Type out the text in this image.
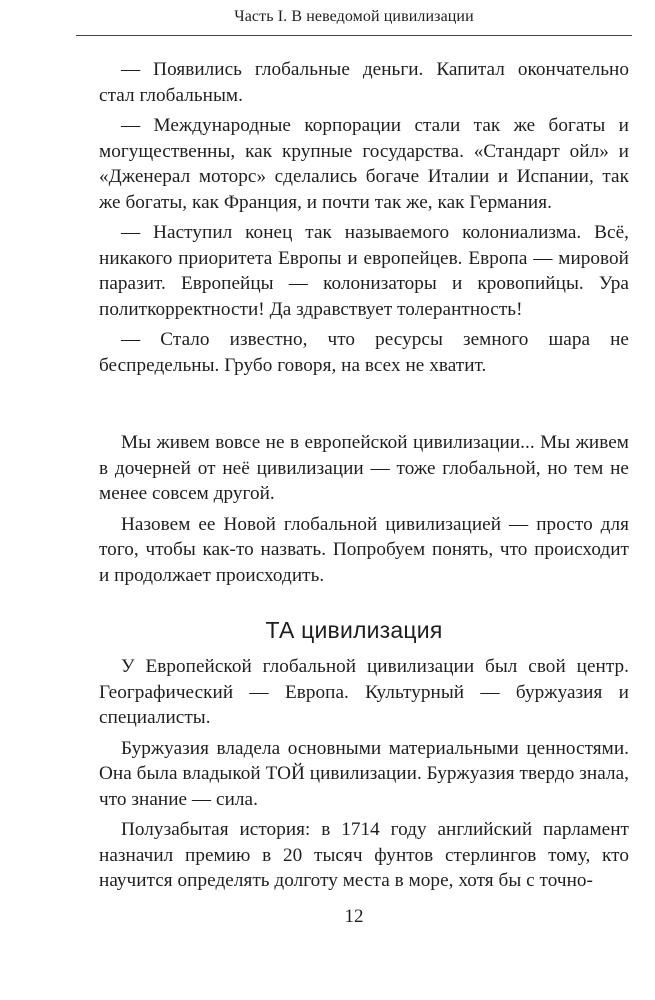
Часть I. В неведомой цивилизации

— Появились глобальные деньги. Капитал окончательно стал глобальным.

— Международные корпорации стали так же богаты и могущественны, как крупные государства. «Стандарт ойл» и «Дженерал моторс» сделались богаче Италии и Испании, так же богаты, как Франция, и почти так же, как Германия.

— Наступил конец так называемого колониализма. Всё, никакого приоритета Европы и европейцев. Европа — мировой паразит. Европейцы — колонизаторы и кровопийцы. Ура политкорректности! Да здравствует толерантность!

— Стало известно, что ресурсы земного шара не беспредельны. Грубо говоря, на всех не хватит.

Мы живем вовсе не в европейской цивилизации... Мы живем в дочерней от неё цивилизации — тоже глобальной, но тем не менее совсем другой.

Назовем ее Новой глобальной цивилизацией — просто для того, чтобы как-то назвать. Попробуем понять, что происходит и продолжает происходить.

ТА цивилизация

У Европейской глобальной цивилизации был свой центр. Географический — Европа. Культурный — буржуазия и специалисты.

Буржуазия владела основными материальными ценностями. Она была владыкой ТОЙ цивилизации. Буржуазия твердо знала, что знание — сила.

Полузабытая история: в 1714 году английский парламент назначил премию в 20 тысяч фунтов стерлингов тому, кто научится определять долготу места в море, хотя бы с точно-

12
